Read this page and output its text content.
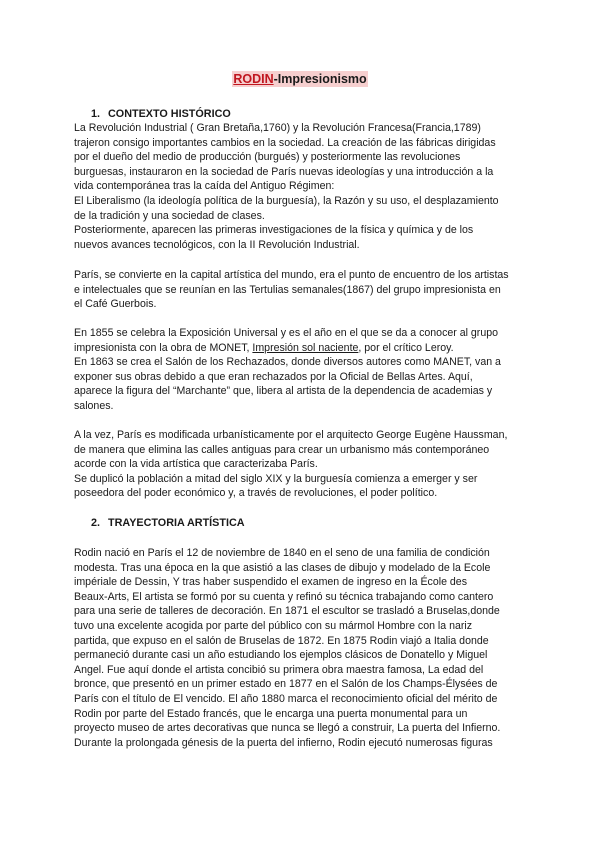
RODIN-Impresionismo
1. CONTEXTO HISTÓRICO
La Revolución Industrial ( Gran Bretaña,1760) y la Revolución Francesa(Francia,1789)
trajeron consigo importantes cambios en la sociedad. La creación de las fábricas dirigidas
por el dueño del medio de producción (burgués) y posteriormente las revoluciones
burguesas, instauraron en la sociedad de París nuevas ideologías y una introducción a la
vida contemporánea tras la caída del Antiguo Régimen:
El Liberalismo (la ideología política de la burguesía), la Razón y su uso, el desplazamiento
de la tradición y una sociedad de clases.
Posteriormente, aparecen las primeras investigaciones de la física y química y de los
nuevos avances tecnológicos, con la II Revolución Industrial.
París, se convierte en la capital artística del mundo, era el punto de encuentro de los artistas
e intelectuales que se reunían en las Tertulias semanales(1867) del grupo impresionista en
el Café Guerbois.
En 1855 se celebra la Exposición Universal y es el año en el que se da a conocer al grupo
impresionista con la obra de MONET, Impresión sol naciente, por el crítico Leroy.
En 1863 se crea el Salón de los Rechazados, donde diversos autores como MANET, van a
exponer sus obras debido a que eran rechazados por la Oficial de Bellas Artes. Aquí,
aparece la figura del “Marchante” que, libera al artista de la dependencia de academias y
salones.
A la vez, París es modificada urbanísticamente por el arquitecto George Eugène Haussman,
de manera que elimina las calles antiguas para crear un urbanismo más contemporáneo
acorde con la vida artística que caracterizaba París.
Se duplicó la población a mitad del siglo XIX y la burguesía comienza a emerger y ser
poseedora del poder económico y, a través de revoluciones, el poder político.
2. TRAYECTORIA ARTÍSTICA
Rodin nació en París el 12 de noviembre de 1840 en el seno de una familia de condición
modesta. Tras una época en la que asistió a las clases de dibujo y modelado de la Ecole
impériale de Dessin, Y tras haber suspendido el examen de ingreso en la École des
Beaux-Arts, El artista se formó por su cuenta y refinó su técnica trabajando como cantero
para una serie de talleres de decoración. En 1871 el escultor se trasladó a Bruselas,donde
tuvo una excelente acogida por parte del público con su mármol Hombre con la nariz
partida, que expuso en el salón de Bruselas de 1872. En 1875 Rodin viajó a Italia donde
permaneció durante casi un año estudiando los ejemplos clásicos de Donatello y Miguel
Angel. Fue aquí donde el artista concibió su primera obra maestra famosa, La edad del
bronce, que presentó en un primer estado en 1877 en el Salón de los Champs-Élysées de
París con el título de El vencido. El año 1880 marca el reconocimiento oficial del mérito de
Rodin por parte del Estado francés, que le encarga una puerta monumental para un
proyecto museo de artes decorativas que nunca se llegó a construir, La puerta del Infierno.
Durante la prolongada génesis de la puerta del infierno, Rodin ejecutó numerosas figuras
